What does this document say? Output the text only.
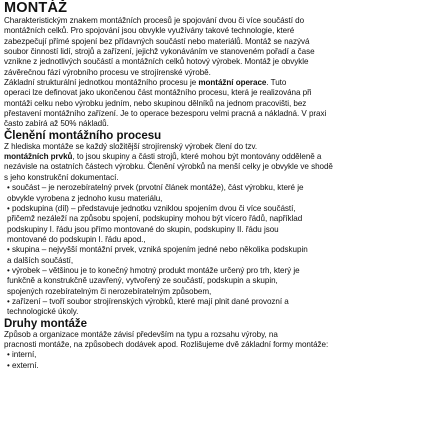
MONTÁŽ

Charakteristickým znakem montážních procesů je spojování dvou či více součástí do

montážních celků. Pro spojování jsou obvykle využívány takové technologie, které

zabezpečují přímé spojení bez přídavných součástí nebo materiálů. Montáž se nazývá

soubor činností lidí, strojů a zařízení, jejichž vykonáváním ve stanoveném pořadí a čase

vznikne z jednotlivých součástí a montážních celků hotový výrobek. Montáž je obvykle

závěrečnou fází výrobního procesu ve strojírenské výrobě.

Základní strukturální jednotkou montážního procesu je montážní operace. Tuto

operaci lze definovat jako ukončenou část montážního procesu, která je realizována při

montáži celku nebo výrobku jedním, nebo skupinou dělníků na jednom pracovišti, bez

přestavení montážního zařízení. Je to operace bezesporu velmi pracná a nákladná. V praxi

často zabírá až 50% nákladů.

Členění montážního procesu

Z hlediska montáže se každý složitější strojírenský výrobek člení do tzv.

montážních prvků, to jsou skupiny a části strojů, které mohou být montovány odděleně a

nezávisle na ostatních částech výrobku. Členění výrobků na menší celky je obvykle ve shodě

s jeho konstrukční dokumentací.

• součást – je nerozebíratelný prvek (prvotní článek montáže), část výrobku, které je
obvykle vyrobena z jednoho kusu materiálu,
• podskupina (díl) – představuje jednotku vzniklou spojením dvou či více součástí,
přičemž nezáleží na způsobu spojení, podskupiny mohou být vícero řádů, například
podskupiny I. řádu jsou přímo montované do skupin, podskupiny II. řádu jsou
montované do podskupin I. řádu apod.,
• skupina – nejvyšší montážní prvek, vzniká spojením jedné nebo několika podskupin
a dalších součástí,
• výrobek – většinou je to konečný hmotný produkt montáže určený pro trh, který je
funkčně a konstrukčně uzavřený, vytvořený ze součástí, podskupin a skupin,
spojených rozebíratelným či nerozebíratelným způsobem,
• zařízení – tvoří soubor strojírenských výrobků, které mají plnit dané provozní a
technologické úkoly.
Druhy montáže

Způsob a organizace montáže závisí především na typu a rozsahu výroby, na

pracnosti montáže, na způsobech dodávek apod. Rozlišujeme dvě základní formy montáže:

• interní,
• externí.
